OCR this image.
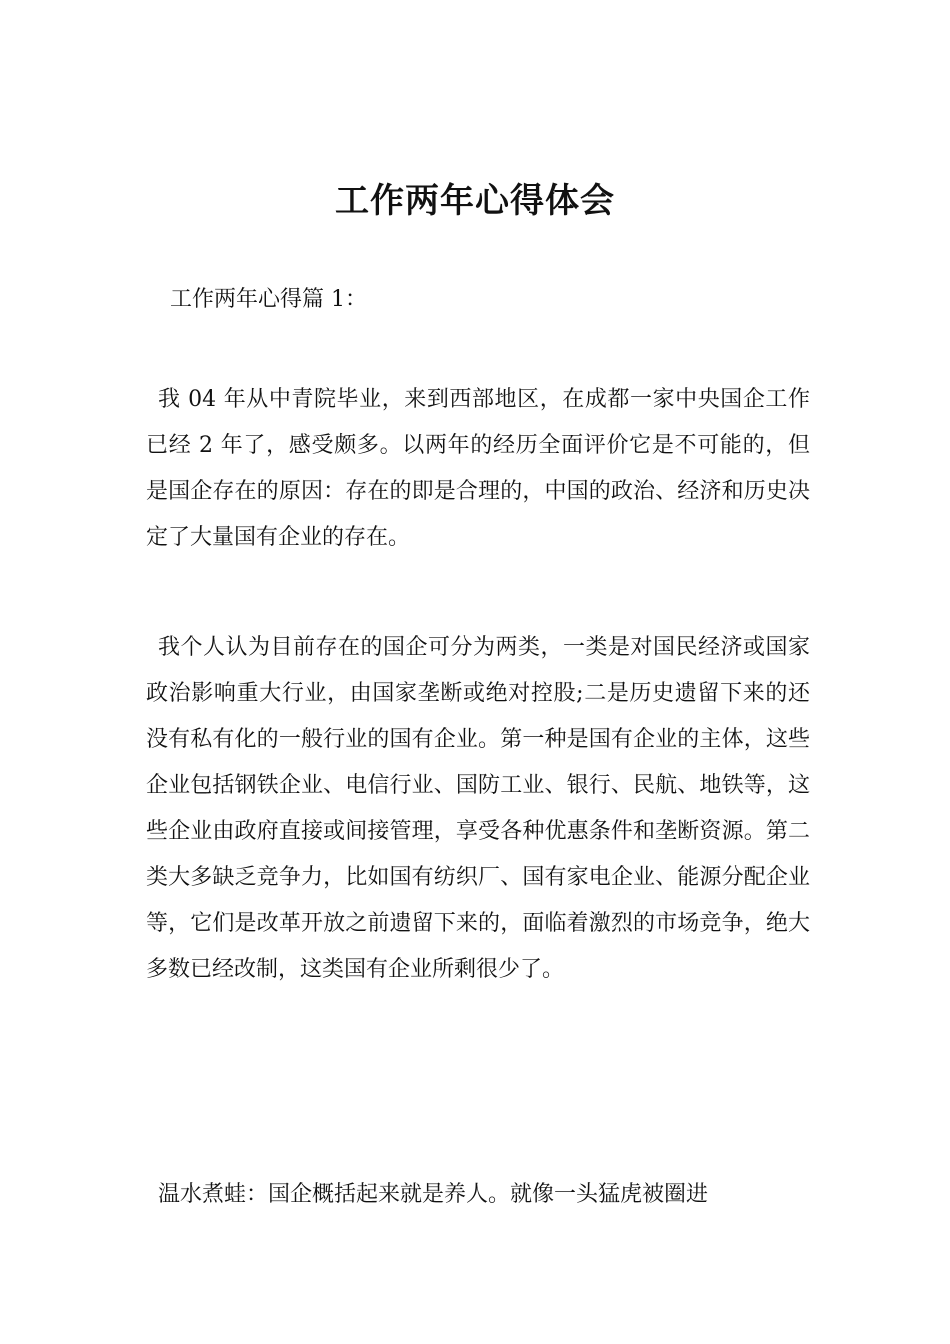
工作两年心得体会

工作两年心得篇 1：

我 04 年从中青院毕业，来到西部地区，在成都一家中央国企工作已经 2 年了，感受颇多。以两年的经历全面评价它是不可能的，但是国企存在的原因：存在的即是合理的，中国的政治、经济和历史决定了大量国有企业的存在。

我个人认为目前存在的国企可分为两类，一类是对国民经济或国家政治影响重大行业，由国家垄断或绝对控股;二是历史遗留下来的还没有私有化的一般行业的国有企业。第一种是国有企业的主体，这些企业包括钢铁企业、电信行业、国防工业、银行、民航、地铁等，这些企业由政府直接或间接管理，享受各种优惠条件和垄断资源。第二类大多缺乏竞争力，比如国有纺织厂、国有家电企业、能源分配企业等，它们是改革开放之前遗留下来的，面临着激烈的市场竞争，绝大多数已经改制，这类国有企业所剩很少了。

温水煮蛙：国企概括起来就是养人。就像一头猛虎被圈进
